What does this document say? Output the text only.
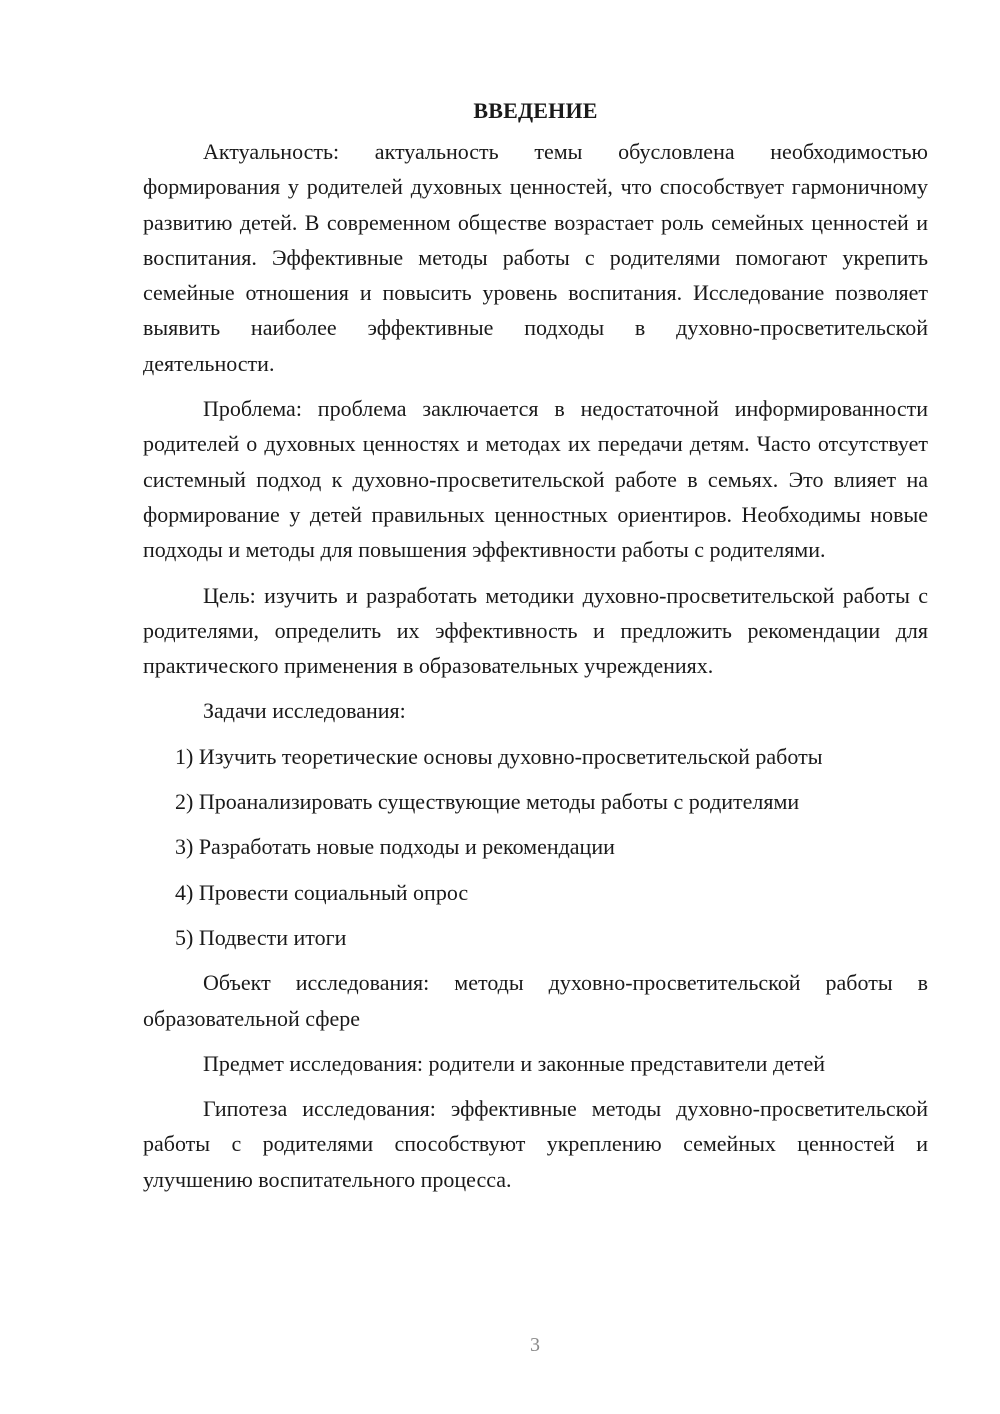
ВВЕДЕНИЕ

Актуальность: актуальность темы обусловлена необходимостью формирования у родителей духовных ценностей, что способствует гармоничному развитию детей. В современном обществе возрастает роль семейных ценностей и воспитания. Эффективные методы работы с родителями помогают укрепить семейные отношения и повысить уровень воспитания. Исследование позволяет выявить наиболее эффективные подходы в духовно-просветительской деятельности.

Проблема: проблема заключается в недостаточной информированности родителей о духовных ценностях и методах их передачи детям. Часто отсутствует системный подход к духовно-просветительской работе в семьях. Это влияет на формирование у детей правильных ценностных ориентиров. Необходимы новые подходы и методы для повышения эффективности работы с родителями.

Цель: изучить и разработать методики духовно-просветительской работы с родителями, определить их эффективность и предложить рекомендации для практического применения в образовательных учреждениях.

Задачи исследования:

1) Изучить теоретические основы духовно-просветительской работы
2) Проанализировать существующие методы работы с родителями
3) Разработать новые подходы и рекомендации
4) Провести социальный опрос
5) Подвести итоги

Объект исследования: методы духовно-просветительской работы в образовательной сфере

Предмет исследования: родители и законные представители детей

Гипотеза исследования: эффективные методы духовно-просветительской работы с родителями способствуют укреплению семейных ценностей и улучшению воспитательного процесса.

3
